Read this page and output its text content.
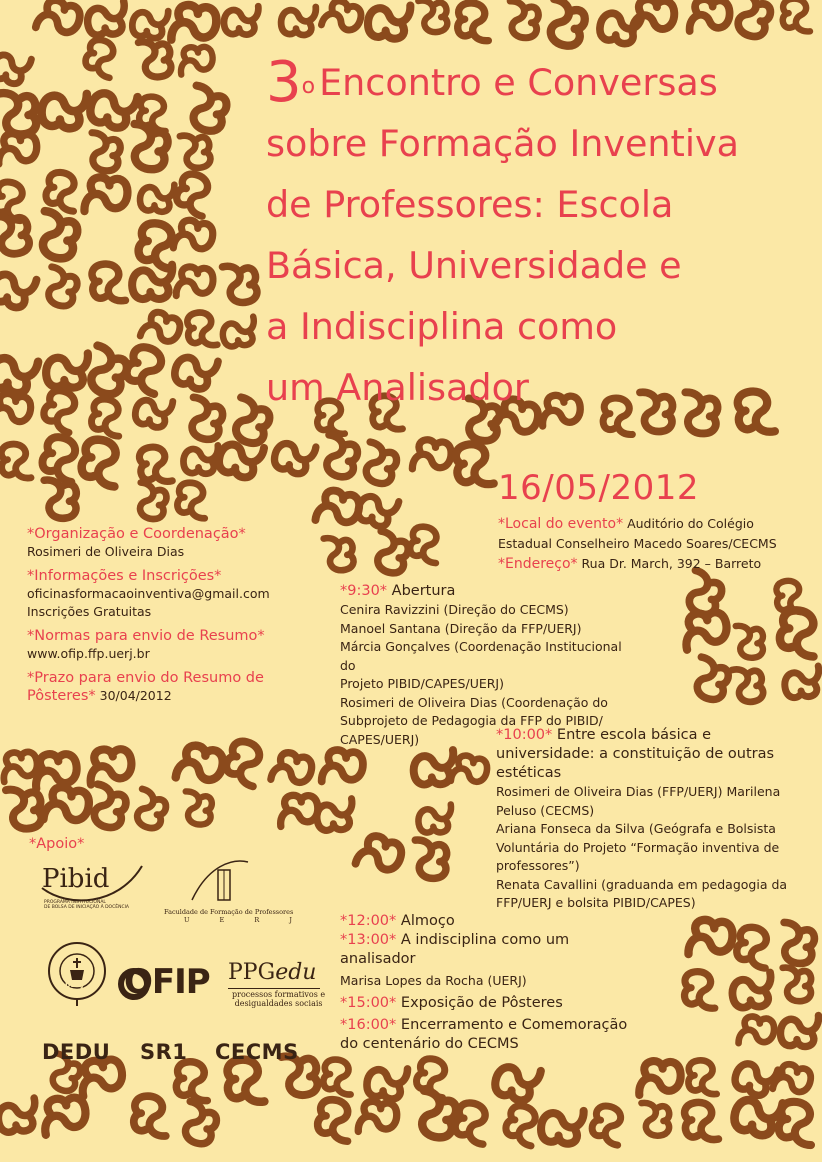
3$^o$ Encontro e Conversas
sobre Formação Inventiva
de Professores: Escola
Básica, Universidade e
a Indisciplina como
um Analisador
16/05/2012
*Local do evento* Auditório do Colégio
Estadual Conselheiro Macedo Soares/CECMS
*Endereço* Rua Dr. March, 392 – Barreto
*Organização e Coordenação*
Rosimeri de Oliveira Dias
*Informações e Inscrições*
oficinasformacaoinventiva@gmail.com
Inscrições Gratuitas
*Normas para envio de Resumo*
www.ofip.ffp.uerj.br
*Prazo para envio do Resumo de
Pôsteres* 30/04/2012
*9:30* Abertura
Cenira Ravizzini (Direção do CECMS)
Manoel Santana (Direção da FFP/UERJ)
Márcia Gonçalves (Coordenação Institucional do
Projeto PIBID/CAPES/UERJ)
Rosimeri de Oliveira Dias (Coordenação do
Subprojeto de Pedagogia da FFP do PIBID/
CAPES/UERJ)	*10:00* Entre escola básica e
universidade: a constituição de outras
estéticas
Rosimeri de Oliveira Dias (FFP/UERJ) Marilena
Peluso (CECMS)
Ariana Fonseca da Silva (Geógrafa e Bolsista
Voluntária do Projeto “Formação inventiva de
professores”)
Renata Cavallini (graduanda em pedagogia da
FFP/UERJ e bolsita PIBID/CAPES)
*12:00* Almoço
*13:00* A indisciplina como um
analisador
Marisa Lopes da Rocha (UERJ)
*15:00* Exposição de Pôsteres
*16:00* Encerramento e Comemoração
do centenário do CECMS
*Apoio*
Pibid
PROGRAMA INSTITUCIONAL
DE BOLSA DE INICIAÇÃO À DOCÊNCIA
Faculdade de Formação de Professores
U E R J
UERJ OFIP PPGedu
processos formativos e
desigualdades sociais
DEDU SR1 CECMS
